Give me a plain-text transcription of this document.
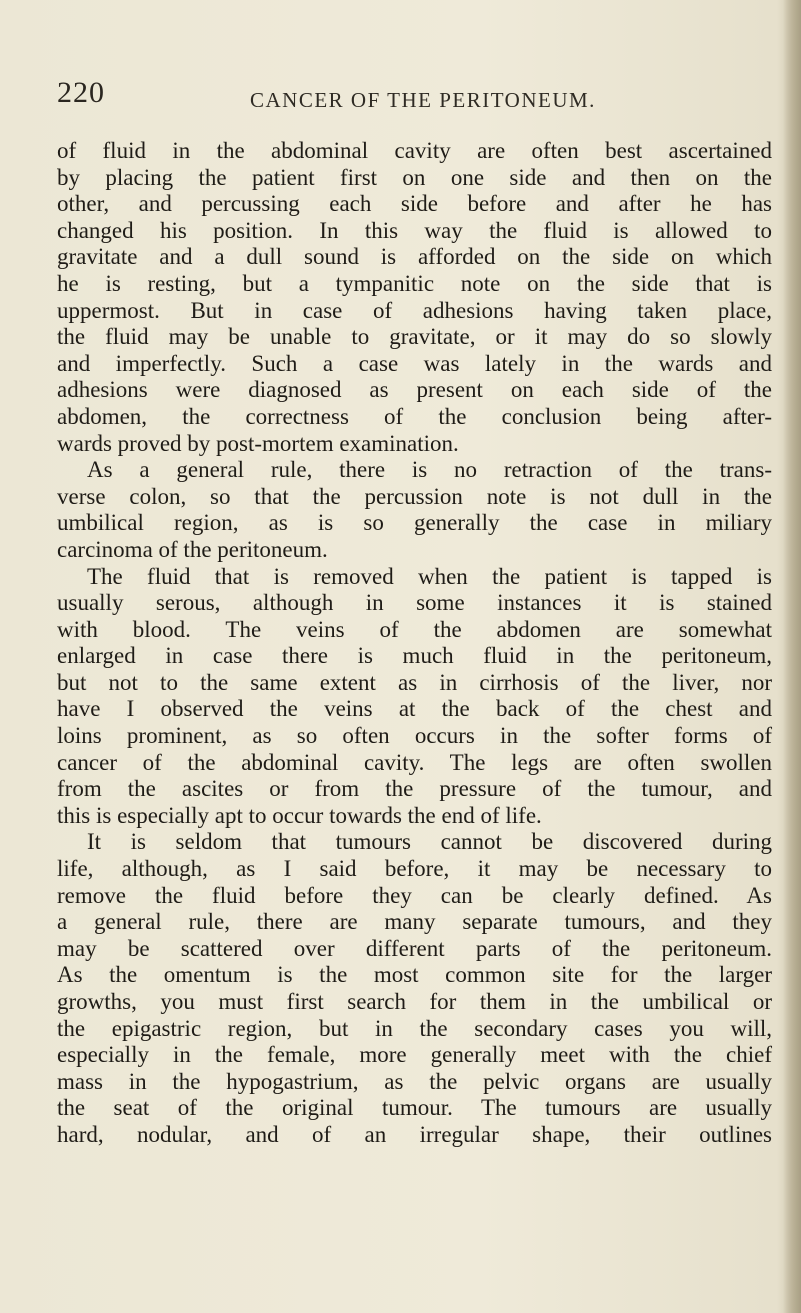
220	CANCER OF THE PERITONEUM.
of fluid in the abdominal cavity are often best ascertained
by placing the patient first on one side and then on the
other, and percussing each side before and after he has
changed his position. In this way the fluid is allowed to
gravitate and a dull sound is afforded on the side on which
he is resting, but a tympanitic note on the side that is
uppermost. But in case of adhesions having taken place,
the fluid may be unable to gravitate, or it may do so slowly
and imperfectly. Such a case was lately in the wards and
adhesions were diagnosed as present on each side of the
abdomen, the correctness of the conclusion being after-
wards proved by post-mortem examination.
As a general rule, there is no retraction of the trans-
verse colon, so that the percussion note is not dull in the
umbilical region, as is so generally the case in miliary
carcinoma of the peritoneum.
The fluid that is removed when the patient is tapped is
usually serous, although in some instances it is stained
with blood. The veins of the abdomen are somewhat
enlarged in case there is much fluid in the peritoneum,
but not to the same extent as in cirrhosis of the liver, nor
have I observed the veins at the back of the chest and
loins prominent, as so often occurs in the softer forms of
cancer of the abdominal cavity. The legs are often swollen
from the ascites or from the pressure of the tumour, and
this is especially apt to occur towards the end of life.
It is seldom that tumours cannot be discovered during
life, although, as I said before, it may be necessary to
remove the fluid before they can be clearly defined. As
a general rule, there are many separate tumours, and they
may be scattered over different parts of the peritoneum.
As the omentum is the most common site for the larger
growths, you must first search for them in the umbilical or
the epigastric region, but in the secondary cases you will,
especially in the female, more generally meet with the chief
mass in the hypogastrium, as the pelvic organs are usually
the seat of the original tumour. The tumours are usually
hard, nodular, and of an irregular shape, their outlines
